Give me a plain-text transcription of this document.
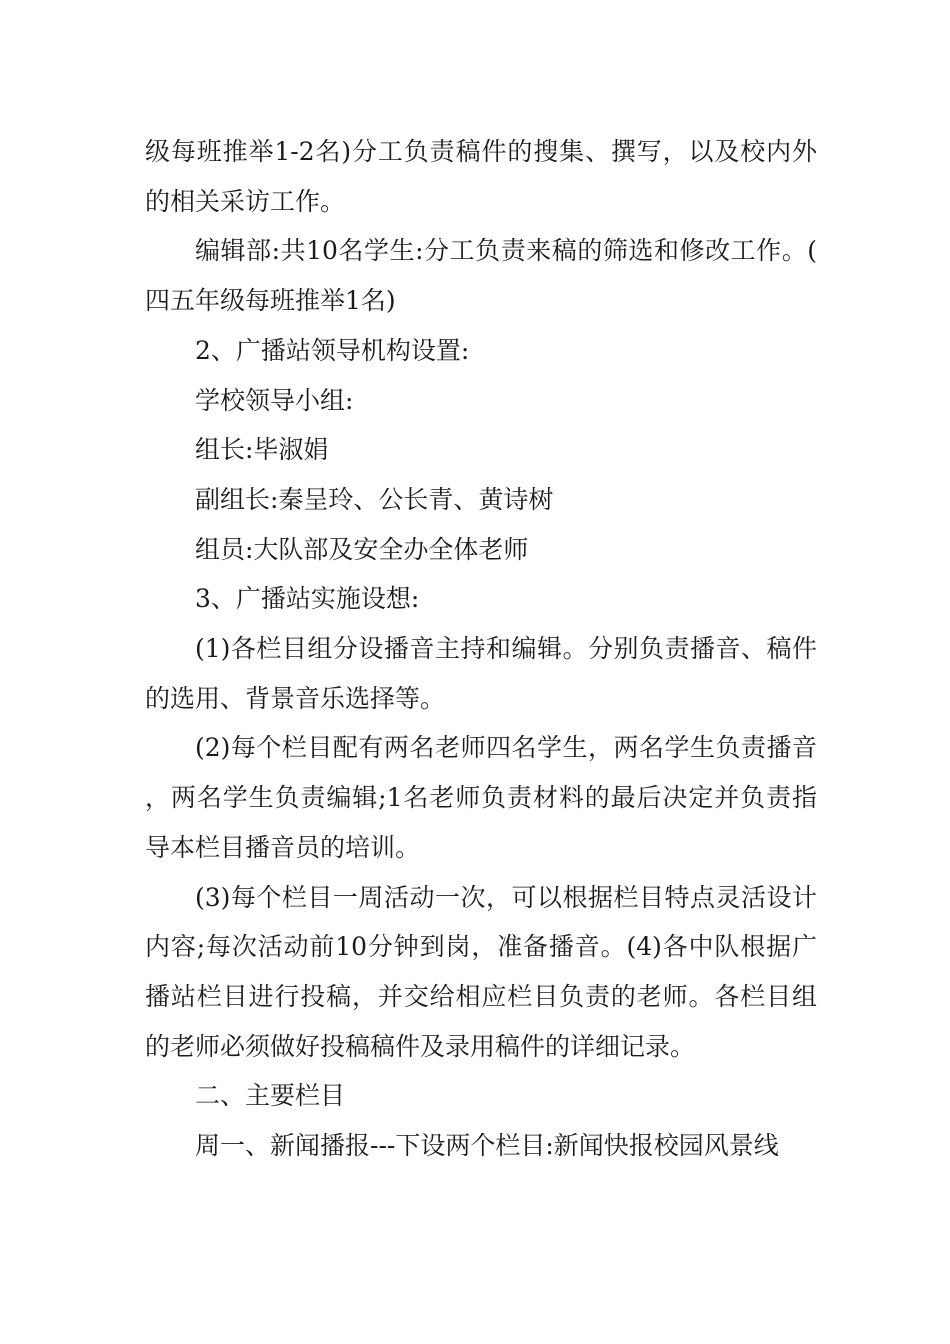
级每班推举1-2名)分工负责稿件的搜集、撰写，以及校内外的相关采访工作。

编辑部:共10名学生:分工负责来稿的筛选和修改工作。(四五年级每班推举1名)

2、广播站领导机构设置:

学校领导小组:

组长:毕淑娟

副组长:秦呈玲、公长青、黄诗树

组员:大队部及安全办全体老师

3、广播站实施设想:

(1)各栏目组分设播音主持和编辑。分别负责播音、稿件的选用、背景音乐选择等。

(2)每个栏目配有两名老师四名学生，两名学生负责播音，两名学生负责编辑;1名老师负责材料的最后决定并负责指导本栏目播音员的培训。

(3)每个栏目一周活动一次，可以根据栏目特点灵活设计内容;每次活动前10分钟到岗，准备播音。(4)各中队根据广播站栏目进行投稿，并交给相应栏目负责的老师。各栏目组的老师必须做好投稿稿件及录用稿件的详细记录。

二、主要栏目

周一、新闻播报---下设两个栏目:新闻快报校园风景线
